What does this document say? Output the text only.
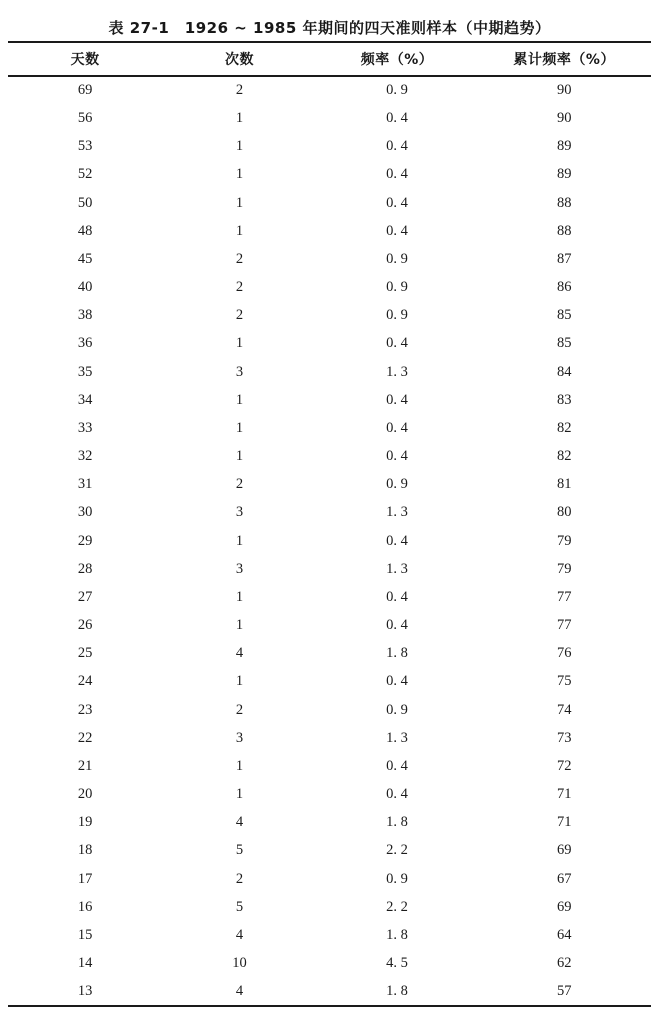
表 27-1　1926 ~ 1985 年期间的四天准则样本（中期趋势）
天数	次数	频率（%）	累计频率（%）
69	2	0. 9	90
56	1	0. 4	90
53	1	0. 4	89
52	1	0. 4	89
50	1	0. 4	88
48	1	0. 4	88
45	2	0. 9	87
40	2	0. 9	86
38	2	0. 9	85
36	1	0. 4	85
35	3	1. 3	84
34	1	0. 4	83
33	1	0. 4	82
32	1	0. 4	82
31	2	0. 9	81
30	3	1. 3	80
29	1	0. 4	79
28	3	1. 3	79
27	1	0. 4	77
26	1	0. 4	77
25	4	1. 8	76
24	1	0. 4	75
23	2	0. 9	74
22	3	1. 3	73
21	1	0. 4	72
20	1	0. 4	71
19	4	1. 8	71
18	5	2. 2	69
17	2	0. 9	67
16	5	2. 2	69
15	4	1. 8	64
14	10	4. 5	62
13	4	1. 8	57
